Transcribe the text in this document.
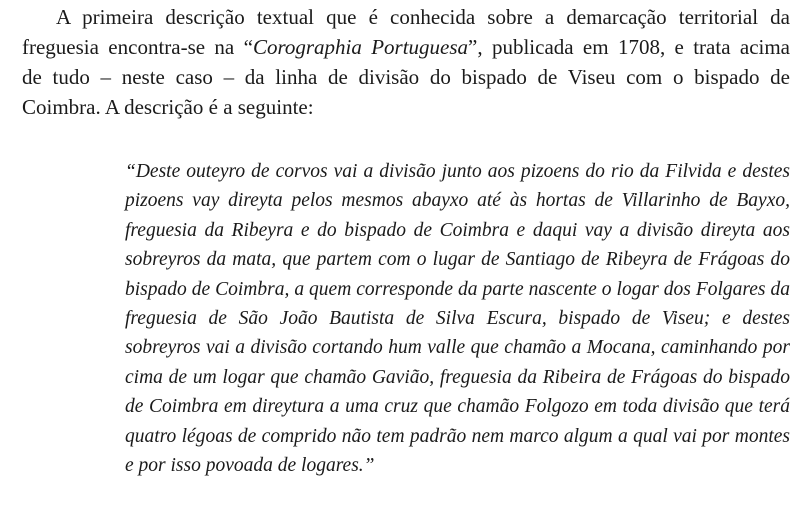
A primeira descrição textual que é conhecida sobre a demarcação territorial da
freguesia encontra-se na “Corographia Portuguesa”, publicada em 1708, e trata acima
de tudo – neste caso – da linha de divisão do bispado de Viseu com o bispado de
Coimbra. A descrição é a seguinte:

“Deste outeyro de corvos vai a divisão junto aos pizoens do rio da Filvida e destes
pizoens vay direyta pelos mesmos abayxo até às hortas de Villarinho de Bayxo,
freguesia da Ribeyra e do bispado de Coimbra e daqui vay a divisão direyta aos
sobreyros da mata, que partem com o lugar de Santiago de Ribeyra de Frágoas do
bispado de Coimbra, a quem corresponde da parte nascente o logar dos Folgares da
freguesia de São João Bautista de Silva Escura, bispado de Viseu; e destes
sobreyros vai a divisão cortando hum valle que chamão a Mocana, caminhando por
cima de um logar que chamão Gavião, freguesia da Ribeira de Frágoas do bispado
de Coimbra em direytura a uma cruz que chamão Folgozo em toda divisão que terá
quatro légoas de comprido não tem padrão nem marco algum a qual vai por montes
e por isso povoada de logares.”
